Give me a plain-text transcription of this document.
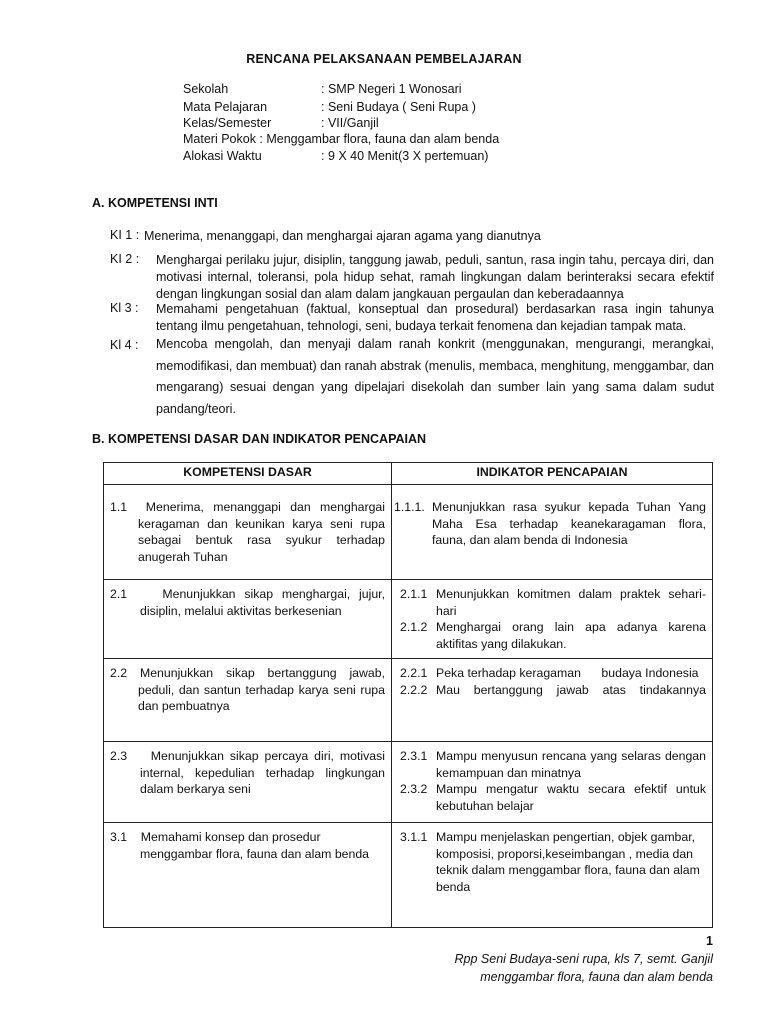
RENCANA PELAKSANAAN PEMBELAJARAN
Sekolah	: SMP Negeri 1 Wonosari
Mata Pelajaran	: Seni Budaya ( Seni Rupa )
Kelas/Semester	: VII/Ganjil
Materi Pokok : Menggambar flora, fauna dan alam benda
Alokasi Waktu	: 9 X 40 Menit(3 X pertemuan)
A. KOMPETENSI INTI
KI 1 : Menerima, menanggapi, dan menghargai ajaran agama yang dianutnya
KI 2 : Menghargai perilaku jujur, disiplin, tanggung jawab, peduli, santun, rasa ingin tahu, percaya diri, dan motivasi internal, toleransi, pola hidup sehat, ramah lingkungan dalam berinteraksi secara efektif dengan lingkungan sosial dan alam dalam jangkauan pergaulan dan keberadaannya
Kl 3 : Memahami pengetahuan (faktual, konseptual dan prosedural) berdasarkan rasa ingin tahunya tentang ilmu pengetahuan, tehnologi, seni, budaya terkait fenomena dan kejadian tampak mata.
Kl 4 : Mencoba mengolah, dan menyaji dalam ranah konkrit (menggunakan, mengurangi, merangkai, memodifikasi, dan membuat) dan ranah abstrak (menulis, membaca, menghitung, menggambar, dan mengarang) sesuai dengan yang dipelajari disekolah dan sumber lain yang sama dalam sudut pandang/teori.
B. KOMPETENSI DASAR DAN INDIKATOR PENCAPAIAN
KOMPETENSI DASAR	INDIKATOR PENCAPAIAN

1.1 Menerima, menanggapi dan menghargai keragaman dan keunikan karya seni rupa sebagai bentuk rasa syukur terhadap anugerah Tuhan	1.1.1. Menunjukkan rasa syukur kepada Tuhan Yang Maha Esa terhadap keanekaragaman flora, fauna, dan alam benda di Indonesia

2.1 Menunjukkan sikap menghargai, jujur, disiplin, melalui aktivitas berkesenian	2.1.1 Menunjukkan komitmen dalam praktek sehari-hari
2.1.2 Menghargai orang lain apa adanya karena aktifitas yang dilakukan.

2.2 Menunjukkan sikap bertanggung jawab, peduli, dan santun terhadap karya seni rupa dan pembuatnya	2.2.1 Peka terhadap keragaman      budaya Indonesia
2.2.2 Mau bertanggung jawab atas tindakannya

2.3 Menunjukkan sikap percaya diri, motivasi internal, kepedulian terhadap lingkungan dalam berkarya seni	2.3.1 Mampu menyusun rencana yang selaras dengan kemampuan dan minatnya
2.3.2 Mampu mengatur waktu secara efektif untuk kebutuhan belajar

3.1 Memahami konsep dan prosedur menggambar flora, fauna dan alam benda	3.1.1 Mampu menjelaskan pengertian, objek gambar, komposisi, proporsi,keseimbangan , media dan teknik dalam menggambar flora, fauna dan alam benda
1
Rpp Seni Budaya-seni rupa, kls 7, semt. Ganjil
menggambar flora, fauna dan alam benda
